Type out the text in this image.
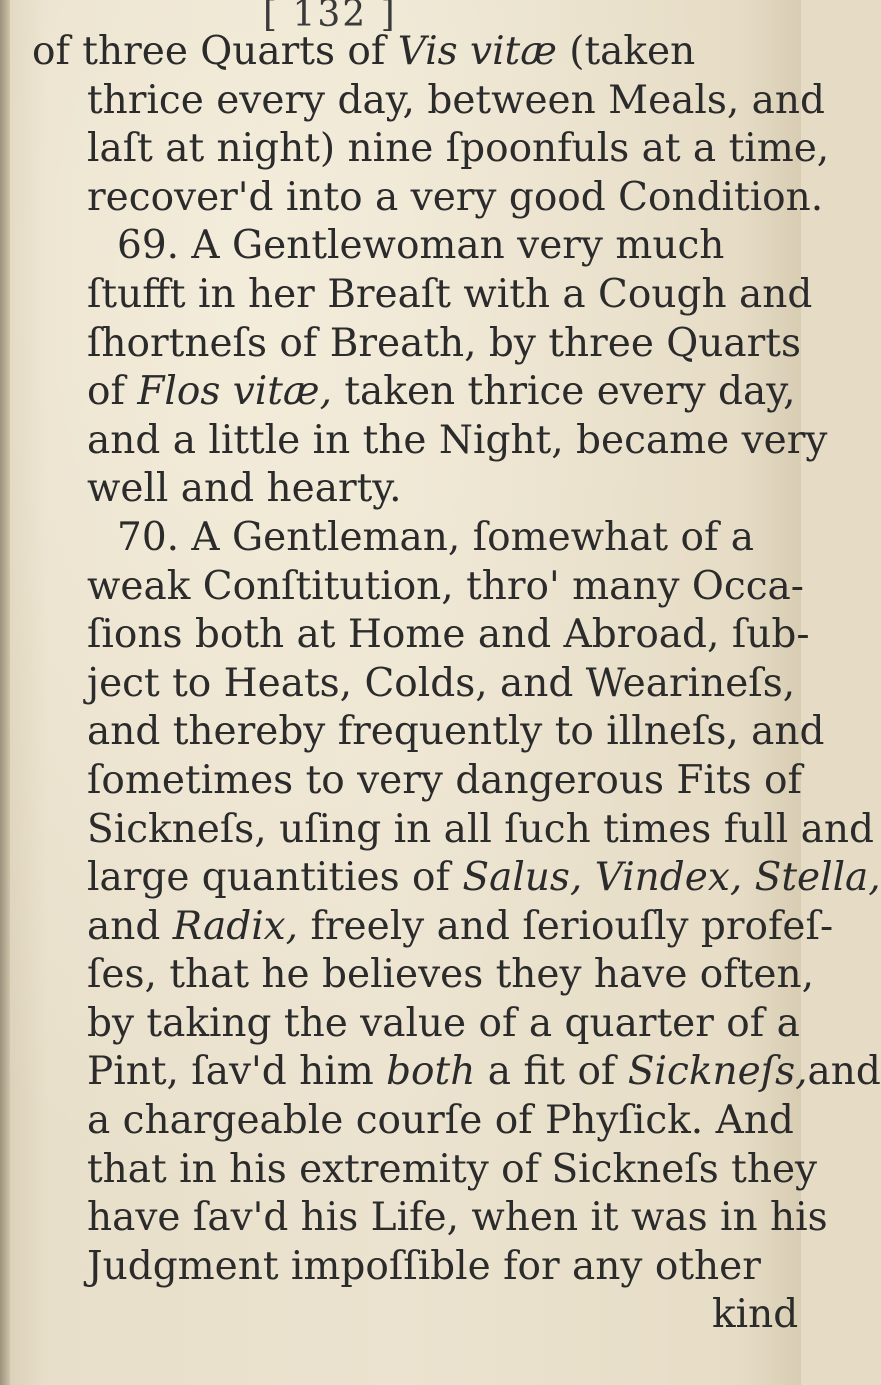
[ 132 ]
of three Quarts of Vis vitæ (taken
thrice every day, between Meals, and
laſt at night) nine ſpoonfuls at a time,
recover'd into a very good Condition.
69. A Gentlewoman very much
ſtufft in her Breaſt with a Cough and
ſhortneſs of Breath, by three Quarts
of Flos vitæ, taken thrice every day,
and a little in the Night, became very
well and hearty.
70. A Gentleman, ſomewhat of a
weak Conſtitution, thro' many Occa-
ſions both at Home and Abroad, ſub-
ject to Heats, Colds, and Wearineſs,
and thereby frequently to illneſs, and
ſometimes to very dangerous Fits of
Sickneſs, uſing in all ſuch times full and
large quantities of Salus, Vindex, Stella,
and Radix, freely and ſeriouſly profeſ-
ſes, that he believes they have often,
by taking the value of a quarter of a
Pint, ſav'd him both a fit of Sickneſs,and
a chargeable courſe of Phyſick. And
that in his extremity of Sickneſs they
have ſav'd his Life, when it was in his
Judgment impoſſible for any other
kind
